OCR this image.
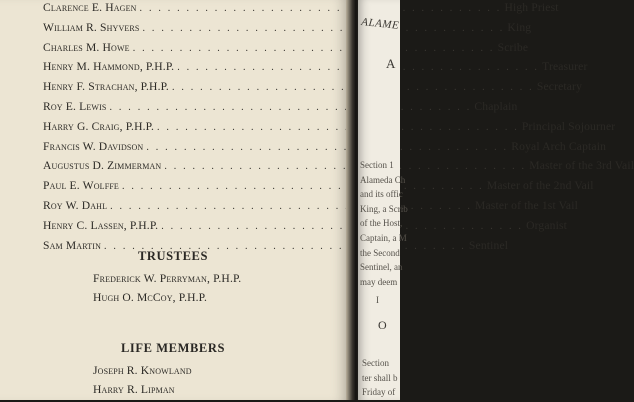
Clarence E. Hagen . . .	High Priest
William R. Shyvers . . .	King
Charles M. Howe . . .	Scribe
Henry M. Hammond, P.H.P. . . .	Treasurer
Henry F. Strachan, P.H.P. . . .	Secretary
Roy E. Lewis . . .	Chaplain
Harry G. Craig, P.H.P. . . .	Principal Sojourner
Francis W. Davidson . . .	Royal Arch Captain
Augustus D. Zimmerman . . .	Master of the 3rd Vail
Paul E. Wolffe . . .	Master of the 2nd Vail
Roy W. Dahl . . .	Master of the 1st Vail
Henry C. Lassen, P.H.P. . . .	Organist
Sam Martin . . .	Sentinel
TRUSTEES
Frederick W. Perryman, P.H.P.
Hugh O. McCoy, P.H.P.
LIFE MEMBERS
Joseph R. Knowland
Harry R. Lipman
ALAME
A
Section 1
Alameda Ch
and its offic
King, a Scrib
of the Host,
Captain, a M
the Second
Sentinel, an
may deem
I
O
Section
ter shall b
Friday of
